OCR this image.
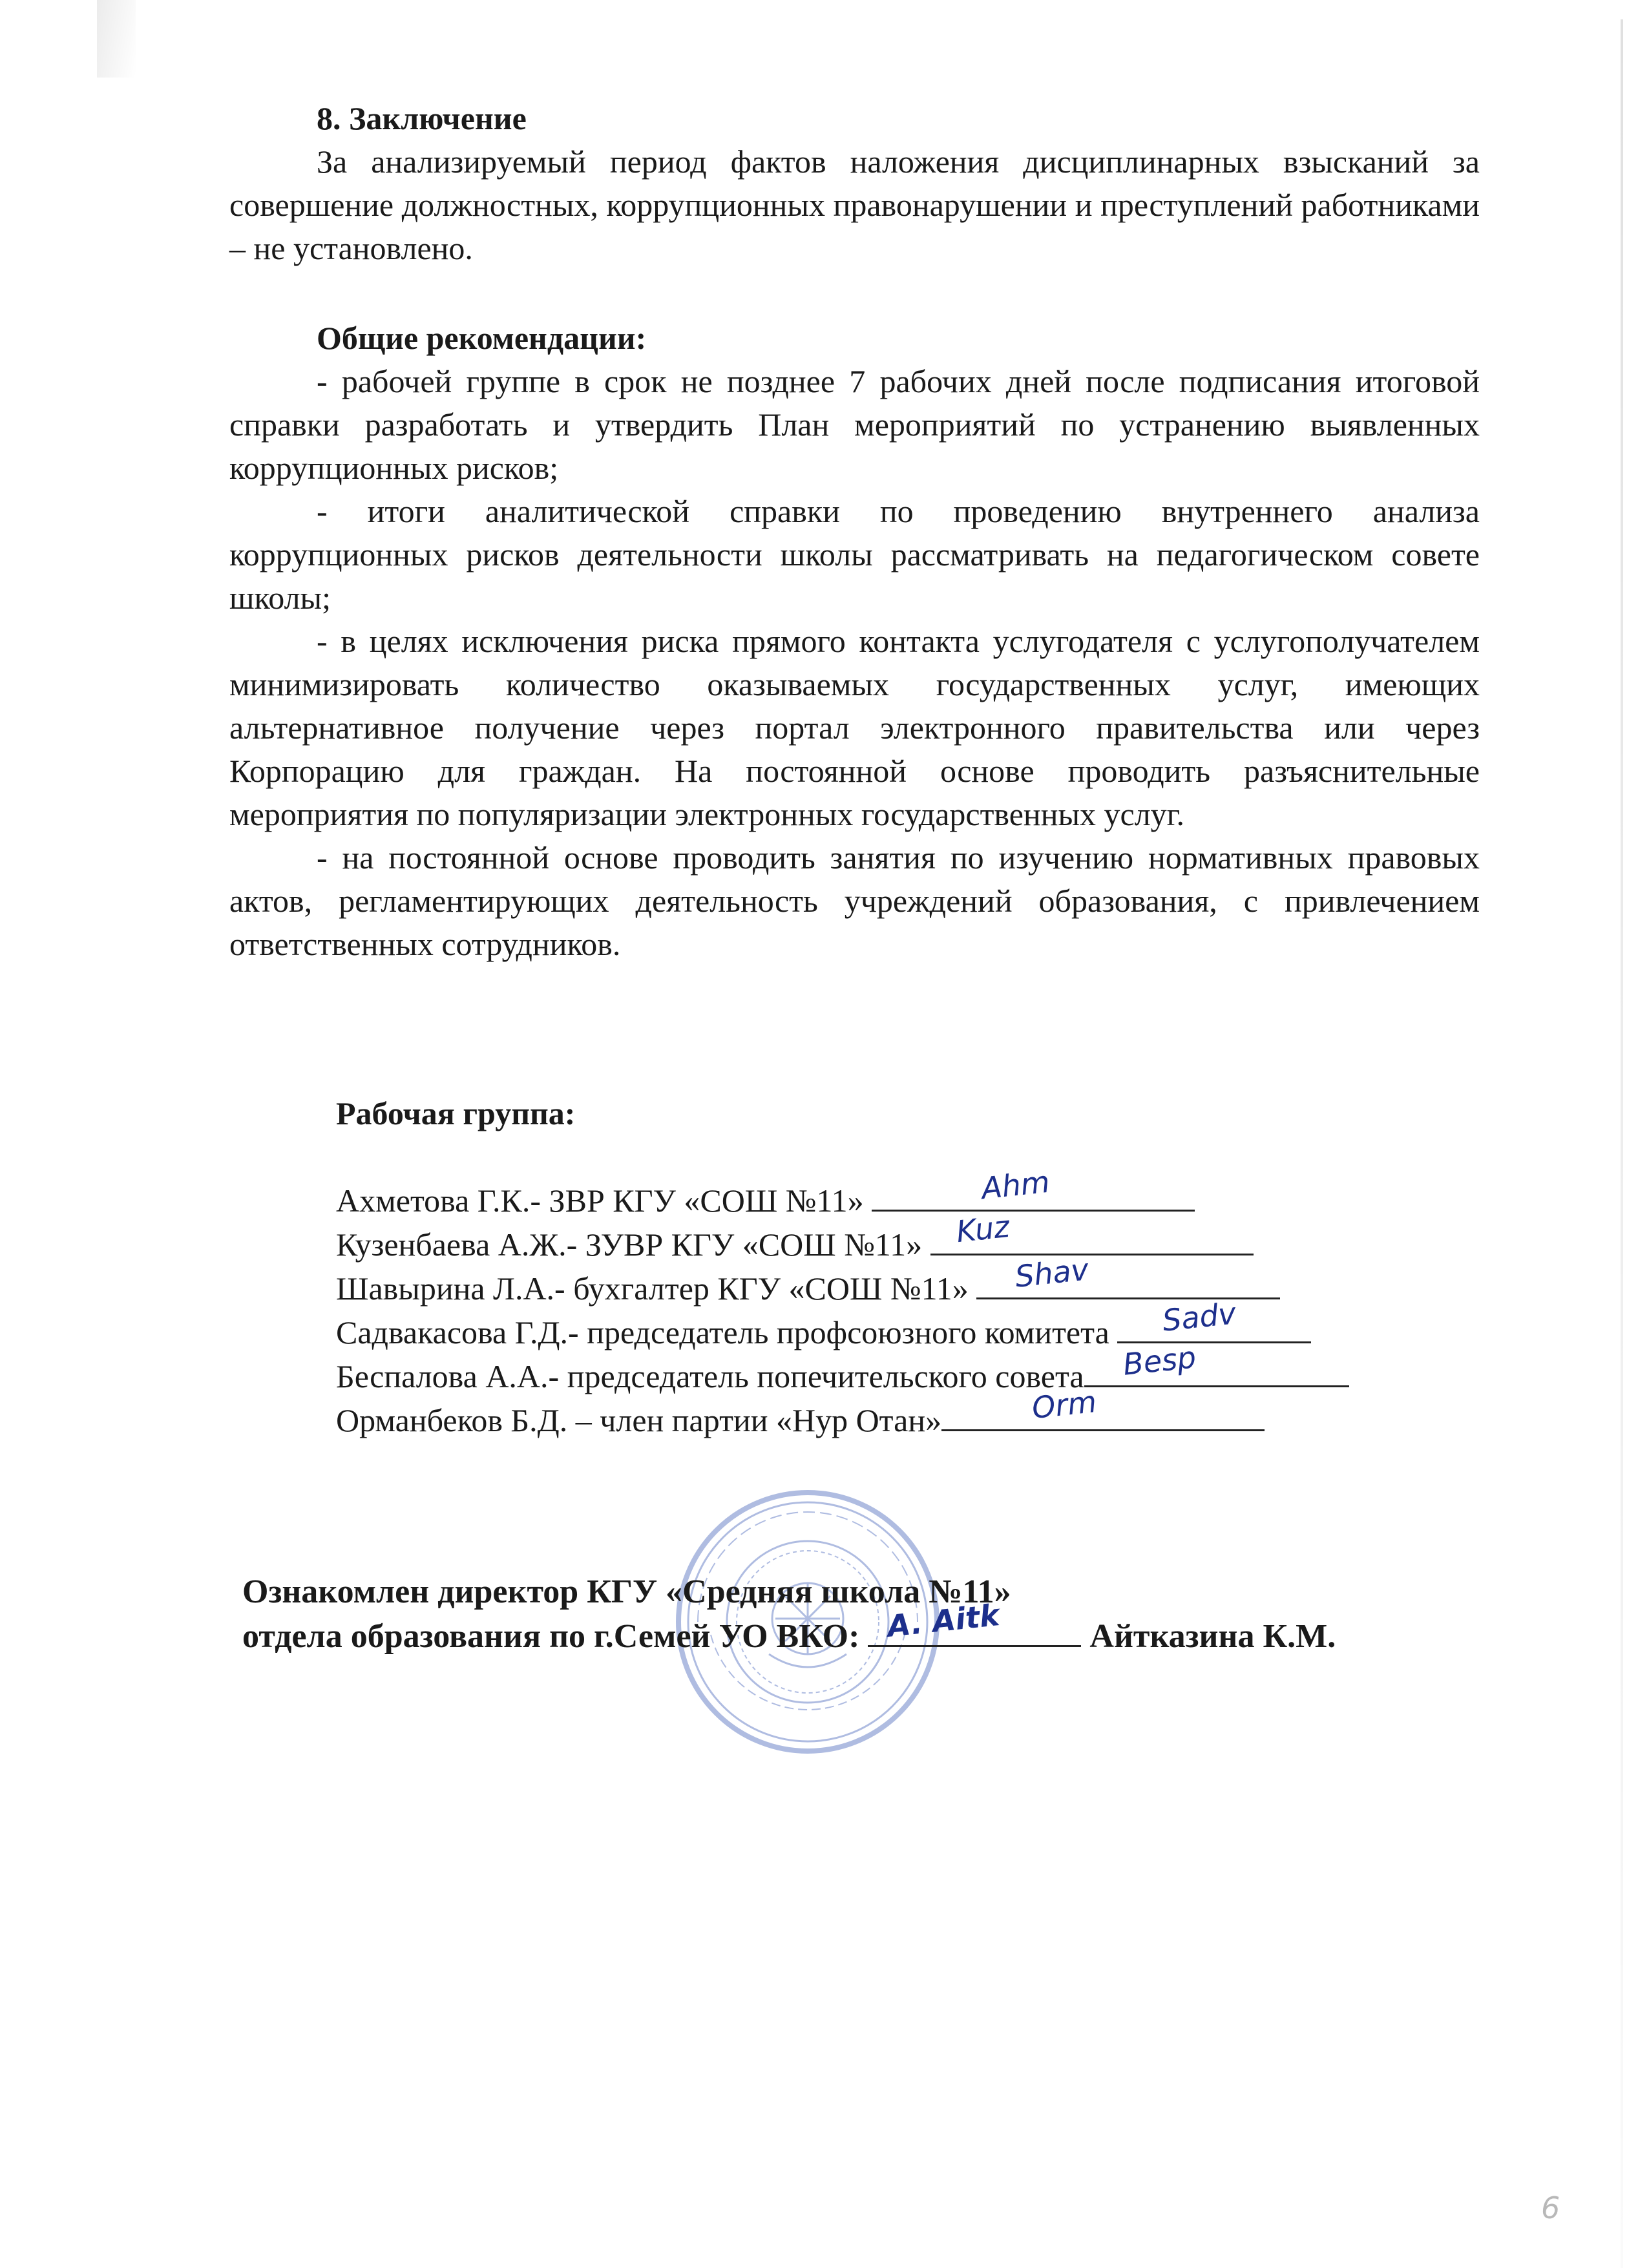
8. Заключение

За анализируемый период фактов наложения дисциплинарных взысканий за совершение должностных, коррупционных правонарушении и преступлений работниками – не установлено.

Общие рекомендации:

- рабочей группе в срок не позднее 7 рабочих дней после подписания итоговой справки разработать и утвердить План мероприятий по устранению выявленных коррупционных рисков;

- итоги аналитической справки по проведению внутреннего анализа коррупционных рисков деятельности школы рассматривать на педагогическом совете школы;

- в целях исключения риска прямого контакта услугодателя с услугополучателем минимизировать количество оказываемых государственных услуг, имеющих альтернативное получение через портал электронного правительства или через Корпорацию для граждан. На постоянной основе проводить разъяснительные мероприятия по популяризации электронных государственных услуг.

- на постоянной основе проводить занятия по изучению нормативных правовых актов, регламентирующих деятельность учреждений образования, с привлечением ответственных сотрудников.

Рабочая группа:
Ахметова Г.К.- ЗВР КГУ «СОШ №11»	Ahm
Кузенбаева А.Ж.- ЗУВР КГУ «СОШ №11» Kuz
Шавырина Л.А.- бухгалтер КГУ «СОШ №11» Shav
Садвакасова Г.Д.- председатель профсоюзного комитета Sadv
Беспалова А.А.- председатель попечительского совета Besp
Орманбеков Б.Д. – член партии «Нур Отан»	Orm
Ознакомлен директор КГУ «Средняя школа №11»
отдела образования по г.Семей УО ВКО: A. Aitk Айтказина К.М.
6
